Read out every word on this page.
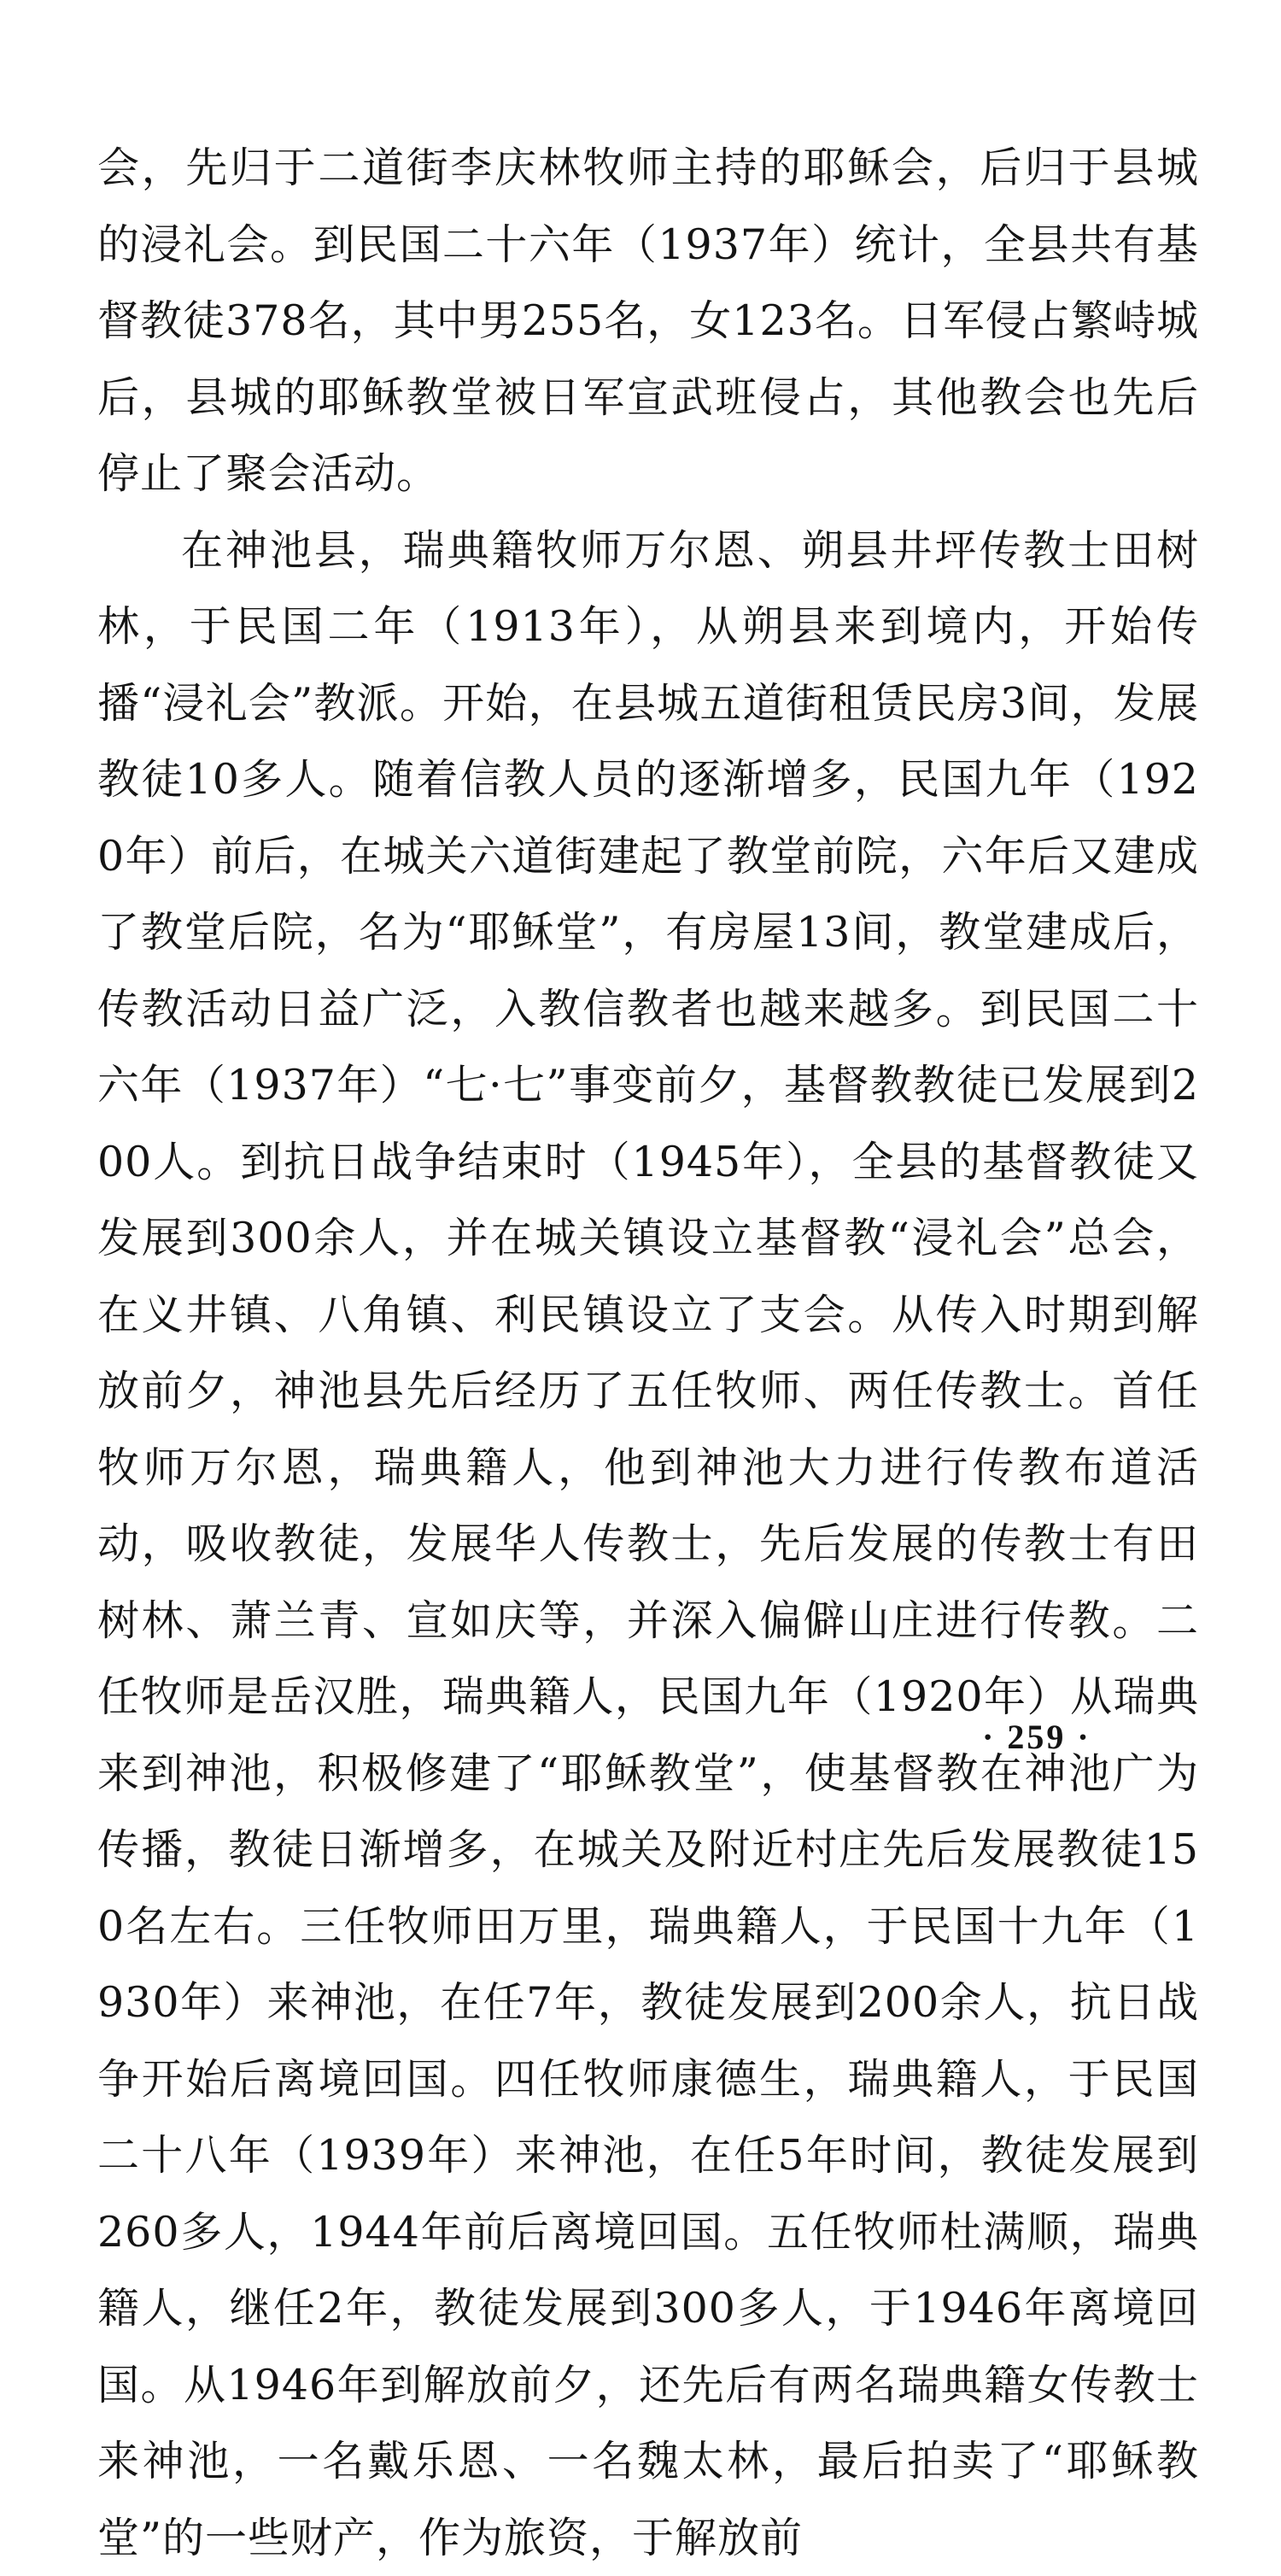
会，先归于二道街李庆林牧师主持的耶稣会，后归于县城的浸礼会。到民国二十六年（1937年）统计，全县共有基督教徒378名，其中男255名，女123名。日军侵占繁峙城后，县城的耶稣教堂被日军宣武班侵占，其他教会也先后停止了聚会活动。

在神池县，瑞典籍牧师万尔恩、朔县井坪传教士田树林，于民国二年（1913年），从朔县来到境内，开始传播“浸礼会”教派。开始，在县城五道街租赁民房3间，发展教徒10多人。随着信教人员的逐渐增多，民国九年（1920年）前后，在城关六道街建起了教堂前院，六年后又建成了教堂后院，名为“耶稣堂”，有房屋13间，教堂建成后，传教活动日益广泛，入教信教者也越来越多。到民国二十六年（1937年）“七·七”事变前夕，基督教教徒已发展到200人。到抗日战争结束时（1945年），全县的基督教徒又发展到300余人，并在城关镇设立基督教“浸礼会”总会，在义井镇、八角镇、利民镇设立了支会。从传入时期到解放前夕，神池县先后经历了五任牧师、两任传教士。首任牧师万尔恩，瑞典籍人，他到神池大力进行传教布道活动，吸收教徒，发展华人传教士，先后发展的传教士有田树林、萧兰青、宣如庆等，并深入偏僻山庄进行传教。二任牧师是岳汉胜，瑞典籍人，民国九年（1920年）从瑞典来到神池，积极修建了“耶稣教堂”，使基督教在神池广为传播，教徒日渐增多，在城关及附近村庄先后发展教徒150名左右。三任牧师田万里，瑞典籍人，于民国十九年（1930年）来神池，在任7年，教徒发展到200余人，抗日战争开始后离境回国。四任牧师康德生，瑞典籍人，于民国二十八年（1939年）来神池，在任5年时间，教徒发展到260多人，1944年前后离境回国。五任牧师杜满顺，瑞典籍人，继任2年，教徒发展到300多人，于1946年离境回国。从1946年到解放前夕，还先后有两名瑞典籍女传教士来神池，一名戴乐恩、一名魏太林，最后拍卖了“耶稣教堂”的一些财产，作为旅资，于解放前

· 259 ·
